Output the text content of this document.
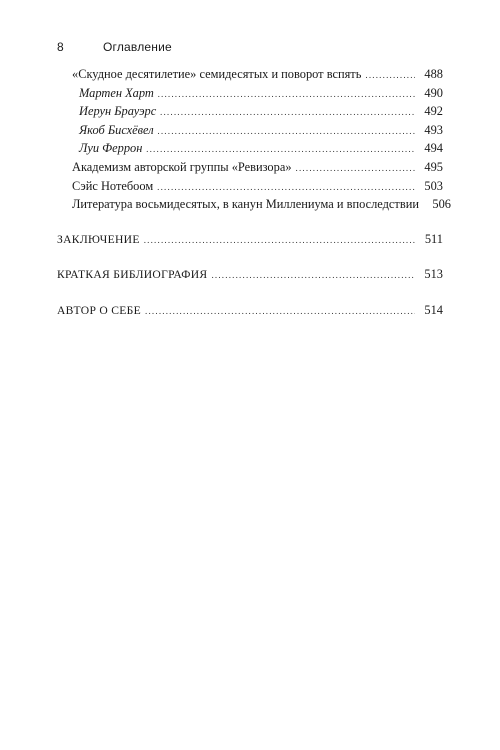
8	Оглавление
«Скудное десятилетие» семидесятых и поворот вспять .....	488
Мартен Харт .....	490
Иерун Брауэрс .....	492
Якоб Бисхёвел .....	493
Луи Феррон .....	494
Академизм авторской группы «Ревизора» .....	495
Сэйс Нотебоом .....	503
Литература восьмидесятых, в канун Миллениума и впоследствии	506
ЗАКЛЮЧЕНИЕ .....	511
КРАТКАЯ БИБЛИОГРАФИЯ .....	513
АВТОР О СЕБЕ .....	514
